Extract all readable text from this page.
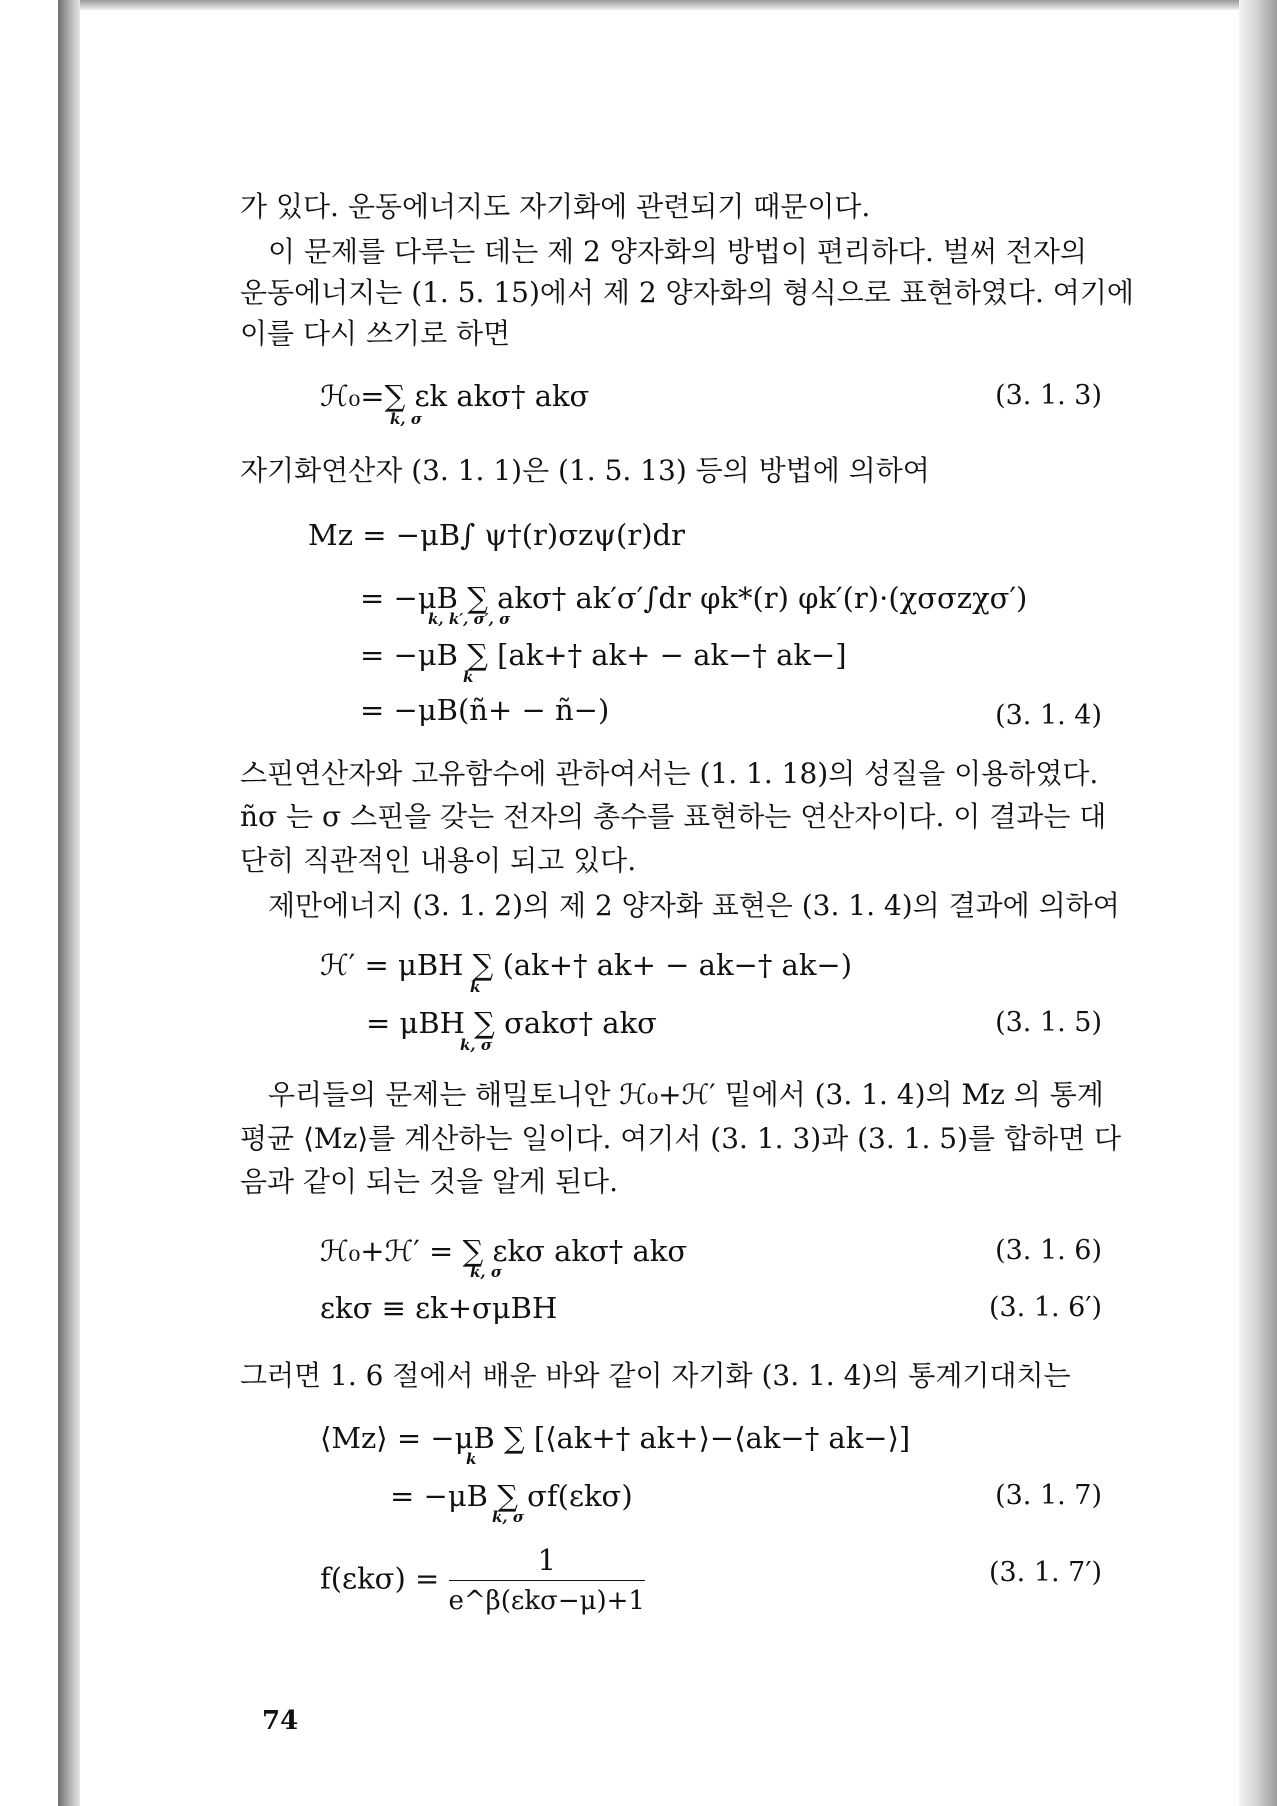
가 있다. 운동에너지도 자기화에 관련되기 때문이다.
이 문제를 다루는 데는 제 2 양자화의 방법이 편리하다. 벌써 전자의
운동에너지는 (1. 5. 15)에서 제 2 양자화의 형식으로 표현하였다. 여기에
이를 다시 쓰기로 하면
ℋ₀=∑ εk akσ† akσ
k, σ
(3. 1. 3)
자기화연산자 (3. 1. 1)은 (1. 5. 13) 등의 방법에 의하여
Mz = −μB∫ ψ†(r)σzψ(r)dr
= −μB ∑ akσ† ak′σ′∫dr φk*(r) φk′(r)·(χσσzχσ′)
k, k′, σ′, σ
= −μB ∑ [ak+† ak+ − ak−† ak−]
k
= −μB(ñ+ − ñ−)	(3. 1. 4)
스핀연산자와 고유함수에 관하여서는 (1. 1. 18)의 성질을 이용하였다.
ñσ 는 σ 스핀을 갖는 전자의 총수를 표현하는 연산자이다. 이 결과는 대
단히 직관적인 내용이 되고 있다.
제만에너지 (3. 1. 2)의 제 2 양자화 표현은 (3. 1. 4)의 결과에 의하여
ℋ′ = μBH ∑ (ak+† ak+ − ak−† ak−)
k
= μBH ∑ σakσ† akσ
k, σ
(3. 1. 5)
우리들의 문제는 해밀토니안 ℋ₀+ℋ′ 밑에서 (3. 1. 4)의 Mz 의 통계
평균 ⟨Mz⟩를 계산하는 일이다. 여기서 (3. 1. 3)과 (3. 1. 5)를 합하면 다
음과 같이 되는 것을 알게 된다.
ℋ₀+ℋ′ = ∑ εkσ akσ† akσ
k, σ
(3. 1. 6)
εkσ ≡ εk+σμBH	(3. 1. 6′)
그러면 1. 6 절에서 배운 바와 같이 자기화 (3. 1. 4)의 통계기대치는
⟨Mz⟩ = −μB ∑ [⟨ak+† ak+⟩−⟨ak−† ak−⟩]
k
= −μB ∑ σf(εkσ)
k, σ
(3. 1. 7)
$f(\varepsilon k\sigma) = \frac{1}{\text{e\textasciicircum{}β(εkσ−μ)+1}}$	(3. 1. 7′)
74
